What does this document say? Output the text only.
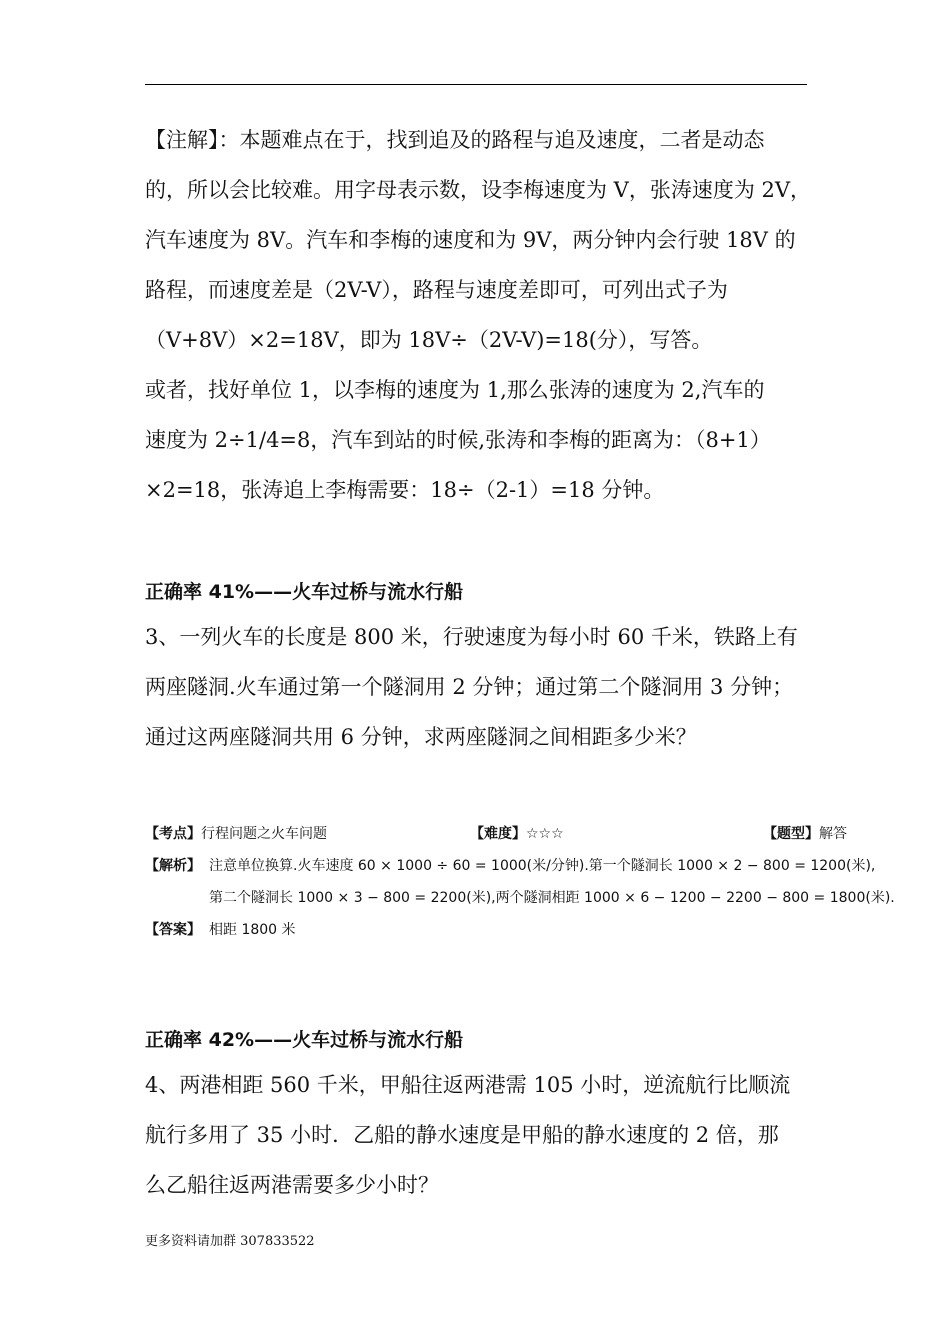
【注解】：本题难点在于，找到追及的路程与追及速度，二者是动态
的，所以会比较难。用字母表示数，设李梅速度为 V，张涛速度为 2V，
汽车速度为 8V。汽车和李梅的速度和为 9V，两分钟内会行驶 18V 的
路程，而速度差是（2V-V），路程与速度差即可，可列出式子为
（V+8V）×2=18V，即为 18V÷（2V-V)=18(分），写答。
或者，找好单位 1，以李梅的速度为 1,那么张涛的速度为 2,汽车的
速度为 2÷1/4=8，汽车到站的时候,张涛和李梅的距离为：（8+1）
×2=18，张涛追上李梅需要：18÷（2-1）=18 分钟。
正确率 41%——火车过桥与流水行船
3、一列火车的长度是 800 米，行驶速度为每小时 60 千米，铁路上有
两座隧洞.火车通过第一个隧洞用 2 分钟；通过第二个隧洞用 3 分钟；
通过这两座隧洞共用 6 分钟，求两座隧洞之间相距多少米？
【考点】行程问题之火车问题	【难度】☆☆☆	【题型】解答
【解析】 注意单位换算.火车速度 60 × 1000 ÷ 60 = 1000(米/分钟).第一个隧洞长 1000 × 2 − 800 = 1200(米),
第二个隧洞长 1000 × 3 − 800 = 2200(米),两个隧洞相距 1000 × 6 − 1200 − 2200 − 800 = 1800(米).
【答案】 相距 1800 米
正确率 42%——火车过桥与流水行船
4、两港相距 560 千米，甲船往返两港需 105 小时，逆流航行比顺流
航行多用了 35 小时．乙船的静水速度是甲船的静水速度的 2 倍，那
么乙船往返两港需要多少小时？
更多资料请加群 307833522
